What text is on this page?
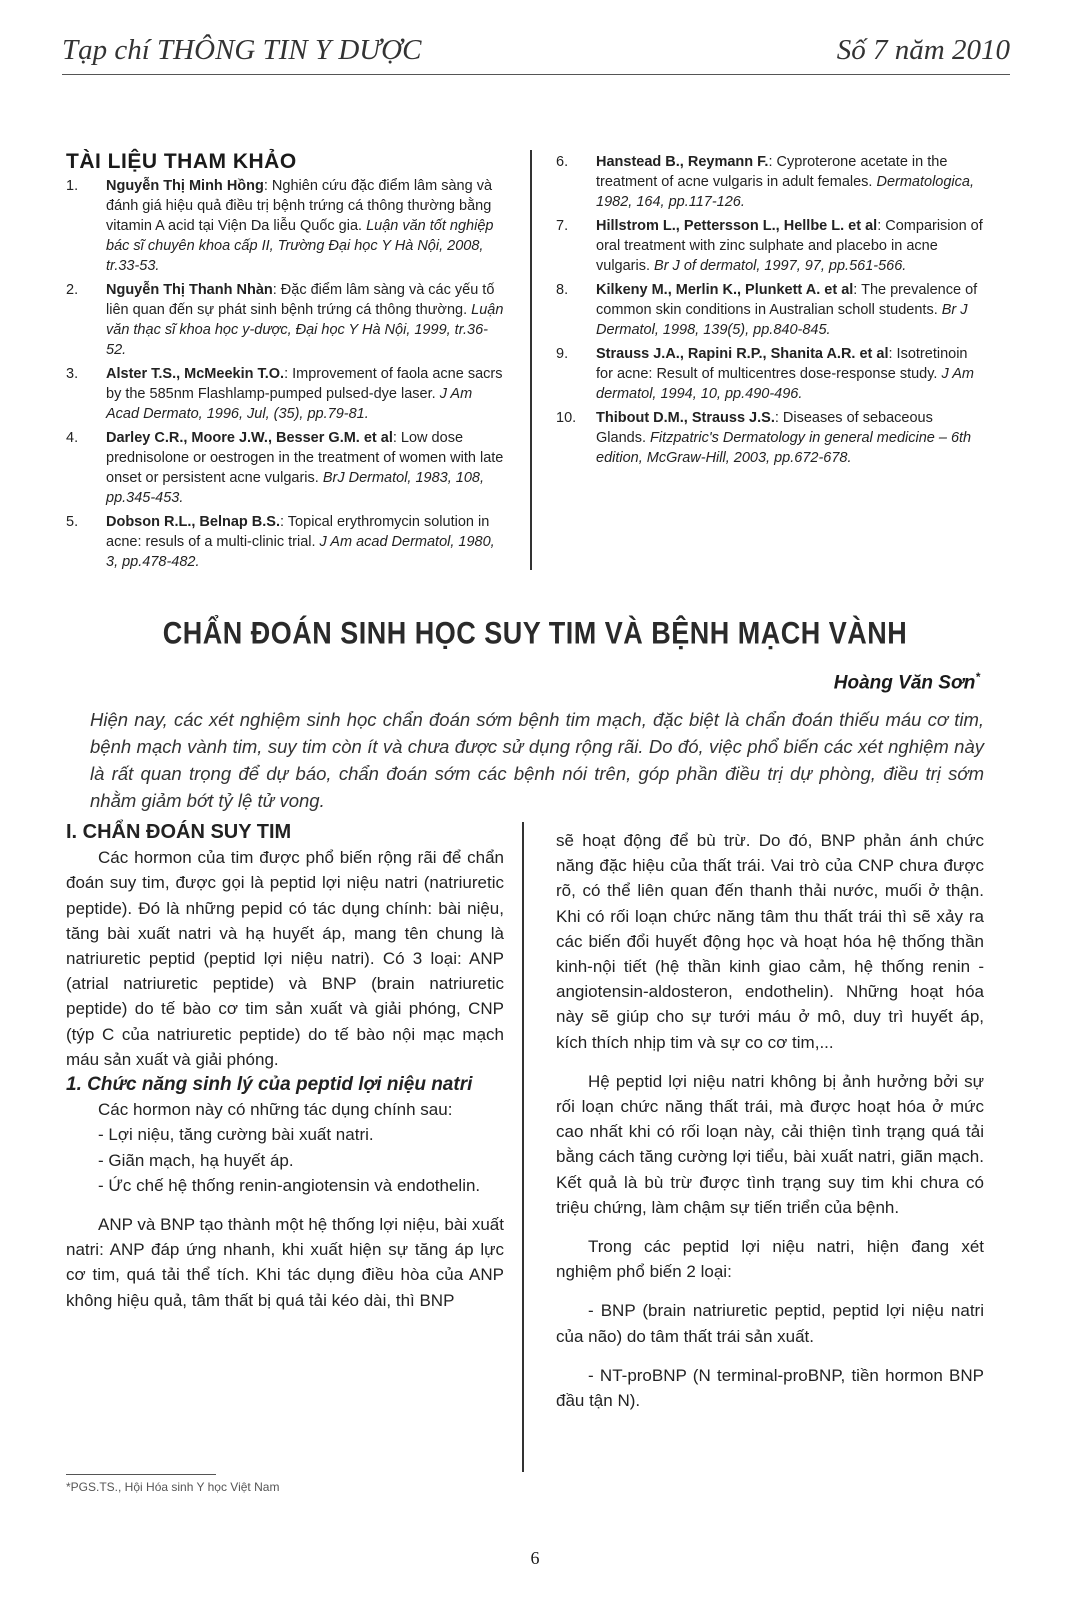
Tạp chí THÔNG TIN Y DƯỢC	Số 7 năm 2010
TÀI LIỆU THAM KHẢO
1. Nguyễn Thị Minh Hồng: Nghiên cứu đặc điểm lâm sàng và đánh giá hiệu quả điều trị bệnh trứng cá thông thường bằng vitamin A acid tại Viện Da liễu Quốc gia. Luận văn tốt nghiệp bác sĩ chuyên khoa cấp II, Trường Đại học Y Hà Nội, 2008, tr.33-53.
2. Nguyễn Thị Thanh Nhàn: Đặc điểm lâm sàng và các yếu tố liên quan đến sự phát sinh bệnh trứng cá thông thường. Luận văn thạc sĩ khoa học y-dược, Đại học Y Hà Nội, 1999, tr.36-52.
3. Alster T.S., McMeekin T.O.: Improvement of faola acne sacrs by the 585nm Flashlamp-pumped pulsed-dye laser. J Am Acad Dermato, 1996, Jul, (35), pp.79-81.
4. Darley C.R., Moore J.W., Besser G.M. et al: Low dose prednisolone or oestrogen in the treatment of women with late onset or persistent acne vulgaris. BrJ Dermatol, 1983, 108, pp.345-453.
5. Dobson R.L., Belnap B.S.: Topical erythromycin solution in acne: resuls of a multi-clinic trial. J Am acad Dermatol, 1980, 3, pp.478-482.
6. Hanstead B., Reymann F.: Cyproterone acetate in the treatment of acne vulgaris in adult females. Dermatologica, 1982, 164, pp.117-126.
7. Hillstrom L., Pettersson L., Hellbe L. et al: Comparision of oral treatment with zinc sulphate and placebo in acne vulgaris. Br J of dermatol, 1997, 97, pp.561-566.
8. Kilkeny M., Merlin K., Plunkett A. et al: The prevalence of common skin conditions in Australian scholl students. Br J Dermatol, 1998, 139(5), pp.840-845.
9. Strauss J.A., Rapini R.P., Shanita A.R. et al: Isotretinoin for acne: Result of multicentres dose-response study. J Am dermatol, 1994, 10, pp.490-496.
10. Thibout D.M., Strauss J.S.: Diseases of sebaceous Glands. Fitzpatric's Dermatology in general medicine – 6th edition, McGraw-Hill, 2003, pp.672-678.
CHẨN ĐOÁN SINH HỌC SUY TIM VÀ BỆNH MẠCH VÀNH
Hoàng Văn Sơn*
Hiện nay, các xét nghiệm sinh học chẩn đoán sớm bệnh tim mạch, đặc biệt là chẩn đoán thiếu máu cơ tim, bệnh mạch vành tim, suy tim còn ít và chưa được sử dụng rộng rãi. Do đó, việc phổ biến các xét nghiệm này là rất quan trọng để dự báo, chẩn đoán sớm các bệnh nói trên, góp phần điều trị dự phòng, điều trị sớm nhằm giảm bớt tỷ lệ tử vong.

I. CHẨN ĐOÁN SUY TIM

Các hormon của tim được phổ biến rộng rãi để chẩn đoán suy tim, được gọi là peptid lợi niệu natri (natriuretic peptide). Đó là những pepid có tác dụng chính: bài niệu, tăng bài xuất natri và hạ huyết áp, mang tên chung là natriuretic peptid (peptid lợi niệu natri). Có 3 loại: ANP (atrial natriuretic peptide) và BNP (brain natriuretic peptide) do tế bào cơ tim sản xuất và giải phóng, CNP (týp C của natriuretic peptide) do tế bào nội mạc mạch máu sản xuất và giải phóng.

1. Chức năng sinh lý của peptid lợi niệu natri

Các hormon này có những tác dụng chính sau:

- Lợi niệu, tăng cường bài xuất natri.

- Giãn mạch, hạ huyết áp.

- Ức chế hệ thống renin-angiotensin và endothelin.

ANP và BNP tạo thành một hệ thống lợi niệu, bài xuất natri: ANP đáp ứng nhanh, khi xuất hiện sự tăng áp lực cơ tim, quá tải thể tích. Khi tác dụng điều hòa của ANP không hiệu quả, tâm thất bị quá tải kéo dài, thì BNP

sẽ hoạt động để bù trừ. Do đó, BNP phản ánh chức năng đặc hiệu của thất trái. Vai trò của CNP chưa được rõ, có thể liên quan đến thanh thải nước, muối ở thận. Khi có rối loạn chức năng tâm thu thất trái thì sẽ xảy ra các biến đổi huyết động học và hoạt hóa hệ thống thần kinh-nội tiết (hệ thần kinh giao cảm, hệ thống renin - angiotensin-aldosteron, endothelin). Những hoạt hóa này sẽ giúp cho sự tưới máu ở mô, duy trì huyết áp, kích thích nhịp tim và sự co cơ tim,...

Hệ peptid lợi niệu natri không bị ảnh hưởng bởi sự rối loạn chức năng thất trái, mà được hoạt hóa ở mức cao nhất khi có rối loạn này, cải thiện tình trạng quá tải bằng cách tăng cường lợi tiểu, bài xuất natri, giãn mạch. Kết quả là bù trừ được tình trạng suy tim khi chưa có triệu chứng, làm chậm sự tiến triển của bệnh.

Trong các peptid lợi niệu natri, hiện đang xét nghiệm phổ biến 2 loại:

- BNP (brain natriuretic peptid, peptid lợi niệu natri của não) do tâm thất trái sản xuất.

- NT-proBNP (N terminal-proBNP, tiền hormon BNP đầu tận N).

*PGS.TS., Hội Hóa sinh Y học Việt Nam
6
